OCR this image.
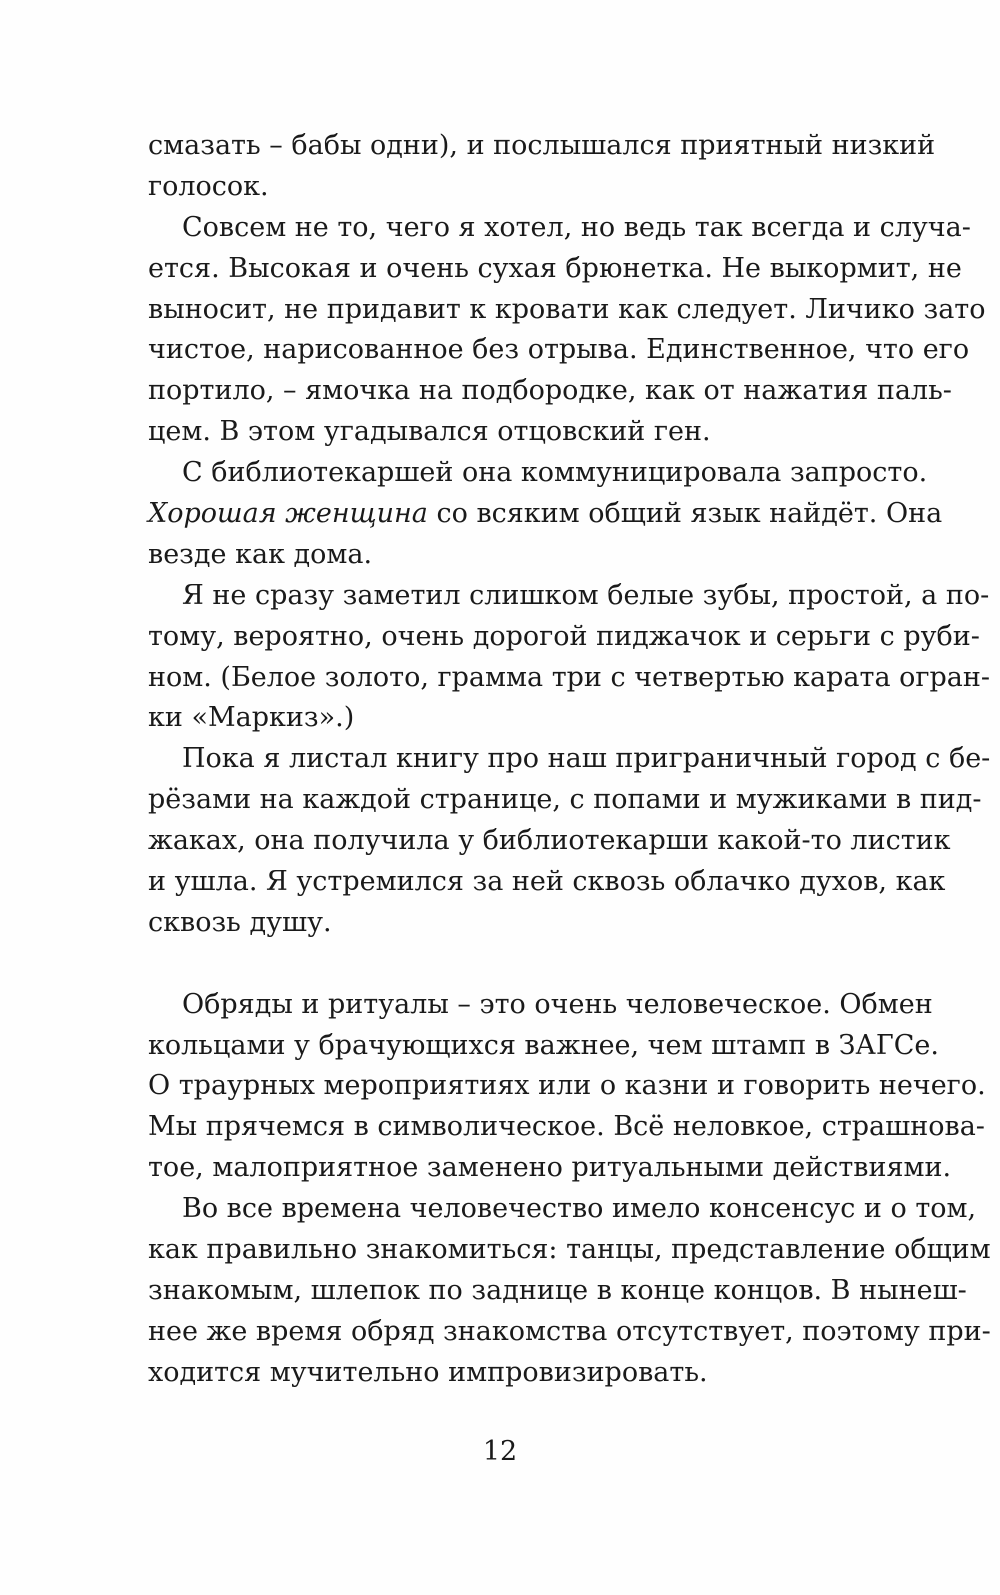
смазать – бабы одни), и послышался приятный низкий
голосок.
Совсем не то, чего я хотел, но ведь так всегда и случа-
ется. Высокая и очень сухая брюнетка. Не выкормит, не
выносит, не придавит к кровати как следует. Личико зато
чистое, нарисованное без отрыва. Единственное, что его
портило, – ямочка на подбородке, как от нажатия паль-
цем. В этом угадывался отцовский ген.
С библиотекаршей она коммуницировала запросто.
Хорошая женщина со всяким общий язык найдёт. Она
везде как дома.
Я не сразу заметил слишком белые зубы, простой, а по-
тому, вероятно, очень дорогой пиджачок и серьги с руби-
ном. (Белое золото, грамма три с четвертью карата огран-
ки «Маркиз».)
Пока я листал книгу про наш приграничный город с бе-
рёзами на каждой странице, с попами и мужиками в пид-
жаках, она получила у библиотекарши какой-то листик
и ушла. Я устремился за ней сквозь облачко духов, как
сквозь душу.
Обряды и ритуалы – это очень человеческое. Обмен
кольцами у брачующихся важнее, чем штамп в ЗАГСе.
О траурных мероприятиях или о казни и говорить нечего.
Мы прячемся в символическое. Всё неловкое, страшнова-
тое, малоприятное заменено ритуальными действиями.
Во все времена человечество имело консенсус и о том,
как правильно знакомиться: танцы, представление общим
знакомым, шлепок по заднице в конце концов. В нынеш-
нее же время обряд знакомства отсутствует, поэтому при-
ходится мучительно импровизировать.
12
